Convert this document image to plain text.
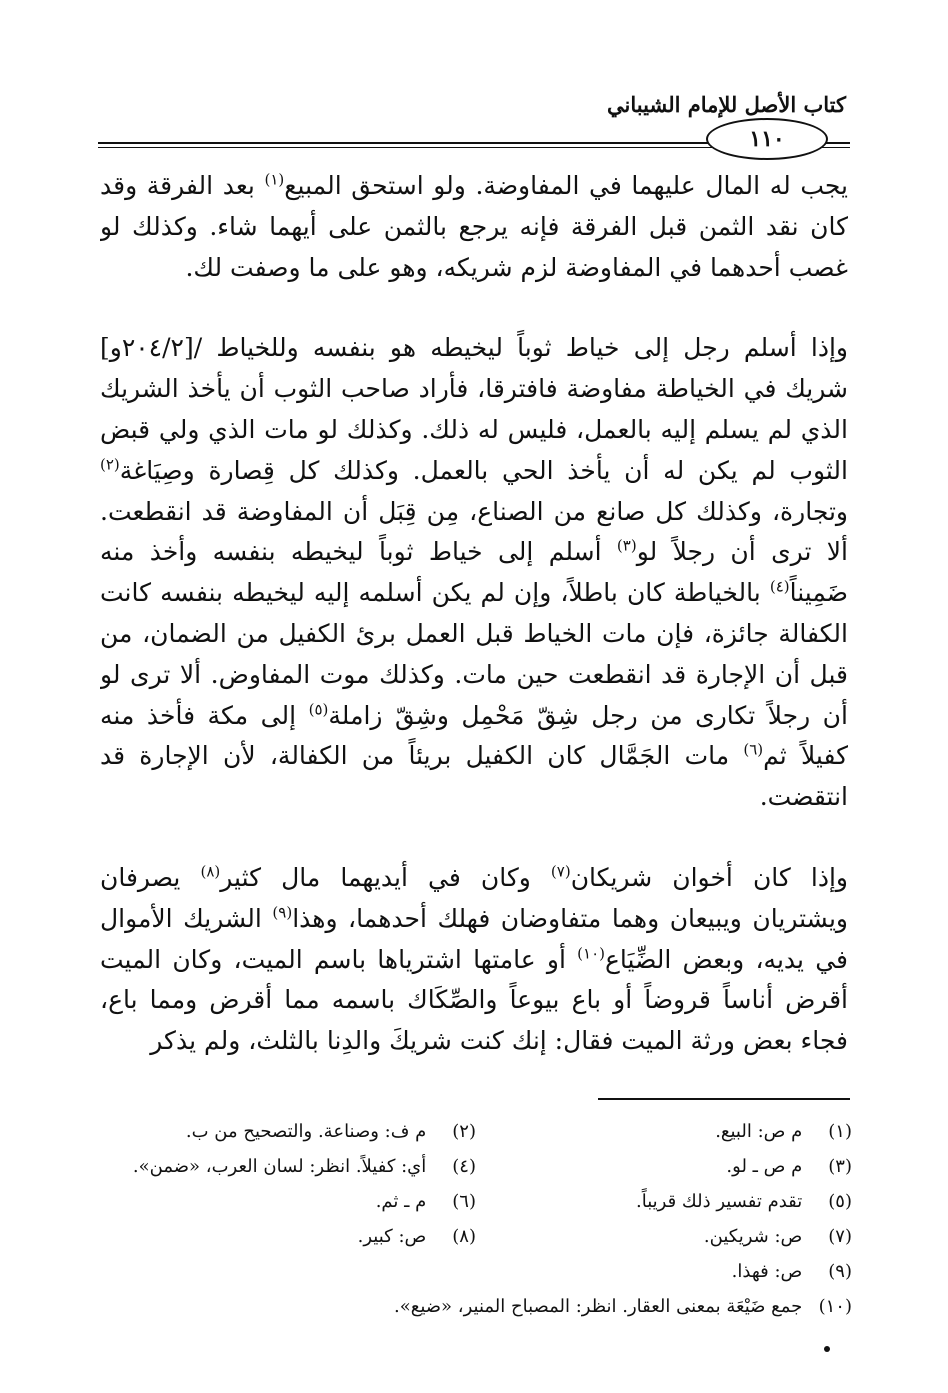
كتاب الأصل للإمام الشيباني
١١٠
يجب له المال عليهما في المفاوضة. ولو استحق المبيع$^{(١)}$ بعد الفرقة وقد
كان نقد الثمن قبل الفرقة فإنه يرجع بالثمن على أيهما شاء. وكذلك لو
غصب أحدهما في المفاوضة لزم شريكه، وهو على ما وصفت لك.
وإذا أسلم رجل إلى خياط ثوباً ليخيطه هو بنفسه وللخياط /[٢٠٤/٢و]
شريك في الخياطة مفاوضة فافترقا، فأراد صاحب الثوب أن يأخذ الشريك
الذي لم يسلم إليه بالعمل، فليس له ذلك. وكذلك لو مات الذي ولي قبض
الثوب لم يكن له أن يأخذ الحي بالعمل. وكذلك كل قِصارة وصِيَاغة$^{(٢)}$
وتجارة، وكذلك كل صانع من الصناع، مِن قِبَل أن المفاوضة قد انقطعت.
ألا ترى أن رجلاً لو$^{(٣)}$ أسلم إلى خياط ثوباً ليخيطه بنفسه وأخذ منه
ضَمِيناً$^{(٤)}$ بالخياطة كان باطلاً، وإن لم يكن أسلمه إليه ليخيطه بنفسه كانت
الكفالة جائزة، فإن مات الخياط قبل العمل برئ الكفيل من الضمان، من
قبل أن الإجارة قد انقطعت حين مات. وكذلك موت المفاوض. ألا ترى لو
أن رجلاً تكارى من رجل شِقّ مَحْمِل وشِقّ زاملة$^{(٥)}$ إلى مكة فأخذ منه
كفيلاً ثم$^{(٦)}$ مات الجَمَّال كان الكفيل بريئاً من الكفالة، لأن الإجارة قد
انتقضت.
وإذا كان أخوان شريكان$^{(٧)}$ وكان في أيديهما مال كثير$^{(٨)}$ يصرفان
ويشتريان ويبيعان وهما متفاوضان فهلك أحدهما، وهذا$^{(٩)}$ الشريك الأموال
في يديه، وبعض الضِّيَاع$^{(١٠)}$ أو عامتها اشترياها باسم الميت، وكان الميت
أقرض أناساً قروضاً أو باع بيوعاً والصِّكَاك باسمه مما أقرض ومما باع،
فجاء بعض ورثة الميت فقال: إنك كنت شريكَ والدِنا بالثلث، ولم يذكر
(١) م ص: البيع.
(٢) م ف: وصناعة. والتصحيح من ب.
(٣) م ص ـ لو.
(٤) أي: كفيلاً. انظر: لسان العرب، «ضمن».
(٥) تقدم تفسير ذلك قريباً.
(٦) م ـ ثم.
(٧) ص: شريكين.
(٨) ص: كبير.
(٩) ص: فهذا.
(١٠) جمع ضَيْعَة بمعنى العقار. انظر: المصباح المنير، «ضيع».
